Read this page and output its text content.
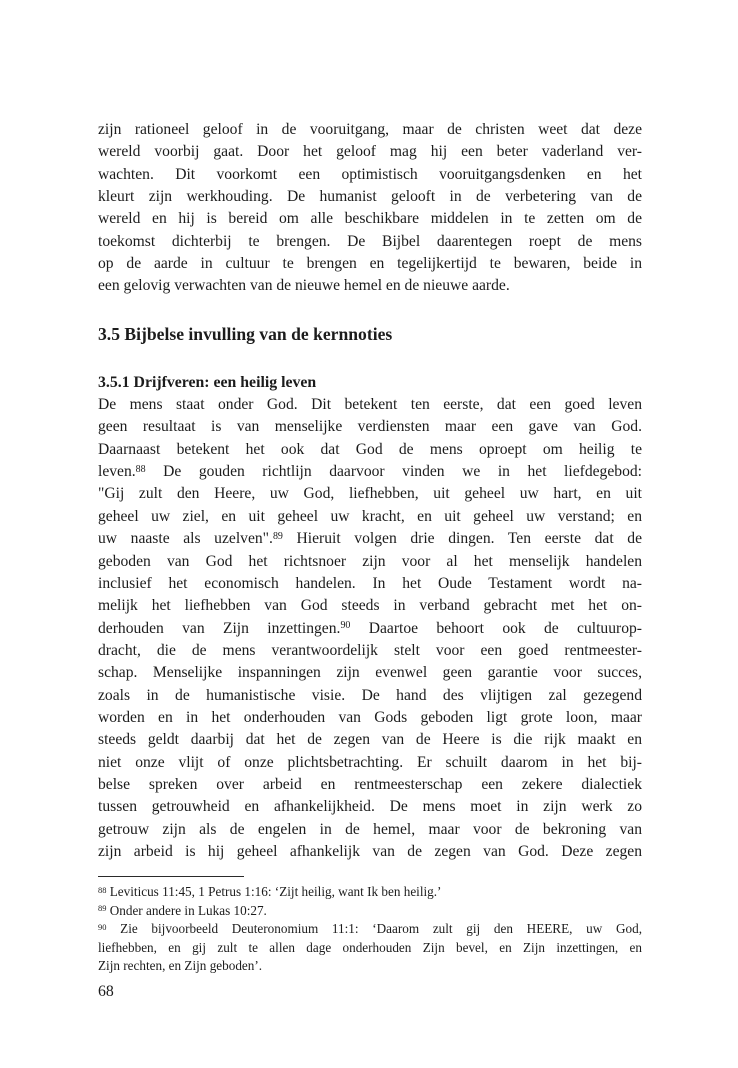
zijn rationeel geloof in de vooruitgang, maar de christen weet dat deze
wereld voorbij gaat. Door het geloof mag hij een beter vaderland ver-
wachten. Dit voorkomt een optimistisch vooruitgangsdenken en het
kleurt zijn werkhouding. De humanist gelooft in de verbetering van de
wereld en hij is bereid om alle beschikbare middelen in te zetten om de
toekomst dichterbij te brengen. De Bijbel daarentegen roept de mens
op de aarde in cultuur te brengen en tegelijkertijd te bewaren, beide in
een gelovig verwachten van de nieuwe hemel en de nieuwe aarde.
3.5 Bijbelse invulling van de kernnoties
3.5.1 Drijfveren: een heilig leven
De mens staat onder God. Dit betekent ten eerste, dat een goed leven
geen resultaat is van menselijke verdiensten maar een gave van God.
Daarnaast betekent het ook dat God de mens oproept om heilig te
leven.$^{88}$ De gouden richtlijn daarvoor vinden we in het liefdegebod:
"Gij zult den Heere, uw God, liefhebben, uit geheel uw hart, en uit
geheel uw ziel, en uit geheel uw kracht, en uit geheel uw verstand; en
uw naaste als uzelven".$^{89}$ Hieruit volgen drie dingen. Ten eerste dat de
geboden van God het richtsnoer zijn voor al het menselijk handelen
inclusief het economisch handelen. In het Oude Testament wordt na-
melijk het liefhebben van God steeds in verband gebracht met het on-
derhouden van Zijn inzettingen.$^{90}$ Daartoe behoort ook de cultuurop-
dracht, die de mens verantwoordelijk stelt voor een goed rentmeester-
schap. Menselijke inspanningen zijn evenwel geen garantie voor succes,
zoals in de humanistische visie. De hand des vlijtigen zal gezegend
worden en in het onderhouden van Gods geboden ligt grote loon, maar
steeds geldt daarbij dat het de zegen van de Heere is die rijk maakt en
niet onze vlijt of onze plichtsbetrachting. Er schuilt daarom in het bij-
belse spreken over arbeid en rentmeesterschap een zekere dialectiek
tussen getrouwheid en afhankelijkheid. De mens moet in zijn werk zo
getrouw zijn als de engelen in de hemel, maar voor de bekroning van
zijn arbeid is hij geheel afhankelijk van de zegen van God. Deze zegen
$^{88}$ Leviticus 11:45, 1 Petrus 1:16: ‘Zijt heilig, want Ik ben heilig.’
$^{89}$ Onder andere in Lukas 10:27.
$^{90}$ Zie bijvoorbeeld Deuteronomium 11:1: ‘Daarom zult gij den HEERE, uw God,
liefhebben, en gij zult te allen dage onderhouden Zijn bevel, en Zijn inzettingen, en
Zijn rechten, en Zijn geboden’.
68
